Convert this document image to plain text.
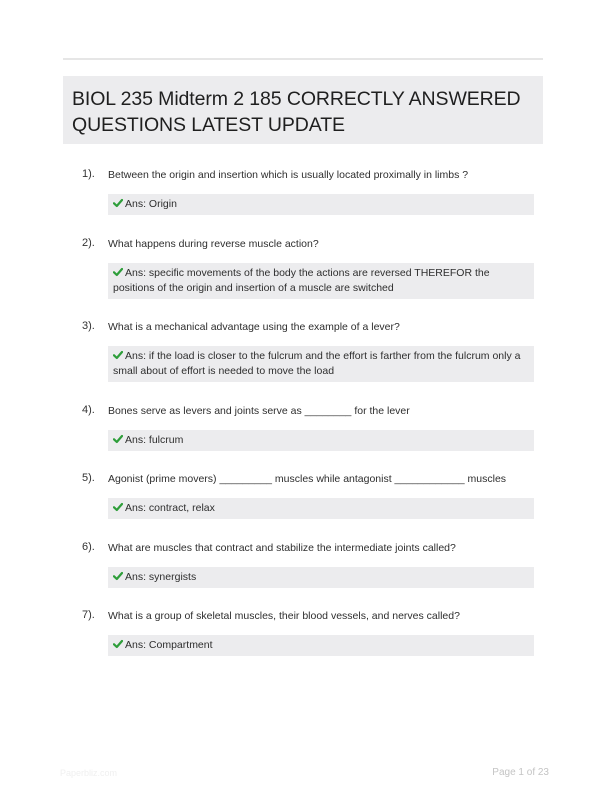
BIOL 235 Midterm 2 185 CORRECTLY ANSWERED QUESTIONS LATEST UPDATE
1). Between the origin and insertion which is usually located proximally in limbs ?
Ans: Origin
2). What happens during reverse muscle action?
Ans: specific movements of the body the actions are reversed THEREFOR the positions of the origin and insertion of a muscle are switched
3). What is a mechanical advantage using the example of a lever?
Ans: if the load is closer to the fulcrum and the effort is farther from the fulcrum only a small about of effort is needed to move the load
4). Bones serve as levers and joints serve as ________ for the lever
Ans: fulcrum
5). Agonist (prime movers) _________ muscles while antagonist ____________ muscles
Ans: contract, relax
6). What are muscles that contract and stabilize the intermediate joints called?
Ans: synergists
7). What is a group of skeletal muscles, their blood vessels, and nerves called?
Ans: Compartment
Paperbliz.com	Page 1 of 23
